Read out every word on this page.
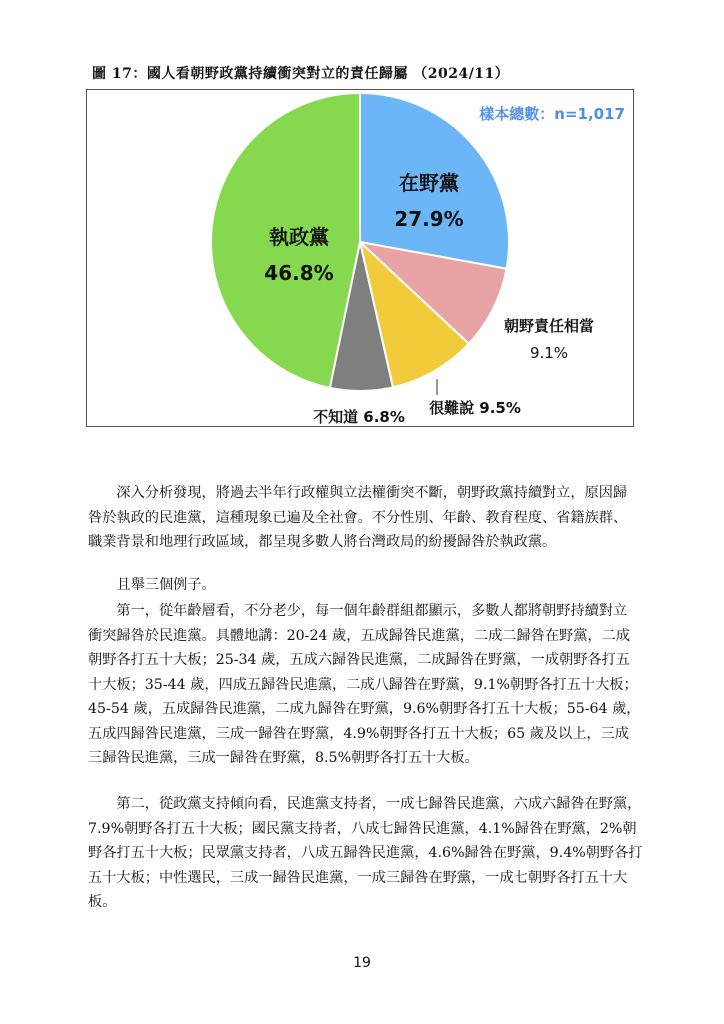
圖 17：國人看朝野政黨持續衝突對立的責任歸屬 （2024/11）
在野黨
27.9%
朝野責任相當
9.1%
很難說 9.5%
不知道 6.8%
執政黨
46.8%
樣本總數：n=1,017

　　深入分析發現，將過去半年行政權與立法權衝突不斷，朝野政黨持續對立，原因歸
咎於執政的民進黨，這種現象已遍及全社會。不分性別、年齡、教育程度、省籍族群、
職業背景和地理行政區域，都呈現多數人將台灣政局的紛擾歸咎於執政黨。

　　且舉三個例子。

　　第一，從年齡層看，不分老少，每一個年齡群組都顯示，多數人都將朝野持續對立
衝突歸咎於民進黨。具體地講：20-24 歲，五成歸咎民進黨，二成二歸咎在野黨，二成
朝野各打五十大板；25-34 歲，五成六歸咎民進黨，二成歸咎在野黨，一成朝野各打五
十大板；35-44 歲，四成五歸咎民進黨，二成八歸咎在野黨，9.1%朝野各打五十大板；
45-54 歲，五成歸咎民進黨，二成九歸咎在野黨，9.6%朝野各打五十大板；55-64 歲，
五成四歸咎民進黨，三成一歸咎在野黨，4.9%朝野各打五十大板；65 歲及以上，三成
三歸咎民進黨，三成一歸咎在野黨，8.5%朝野各打五十大板。

　　第二，從政黨支持傾向看，民進黨支持者，一成七歸咎民進黨，六成六歸咎在野黨，
7.9%朝野各打五十大板；國民黨支持者，八成七歸咎民進黨，4.1%歸咎在野黨，2%朝
野各打五十大板；民眾黨支持者，八成五歸咎民進黨，4.6%歸咎在野黨，9.4%朝野各打
五十大板；中性選民，三成一歸咎民進黨，一成三歸咎在野黨，一成七朝野各打五十大
板。

19
